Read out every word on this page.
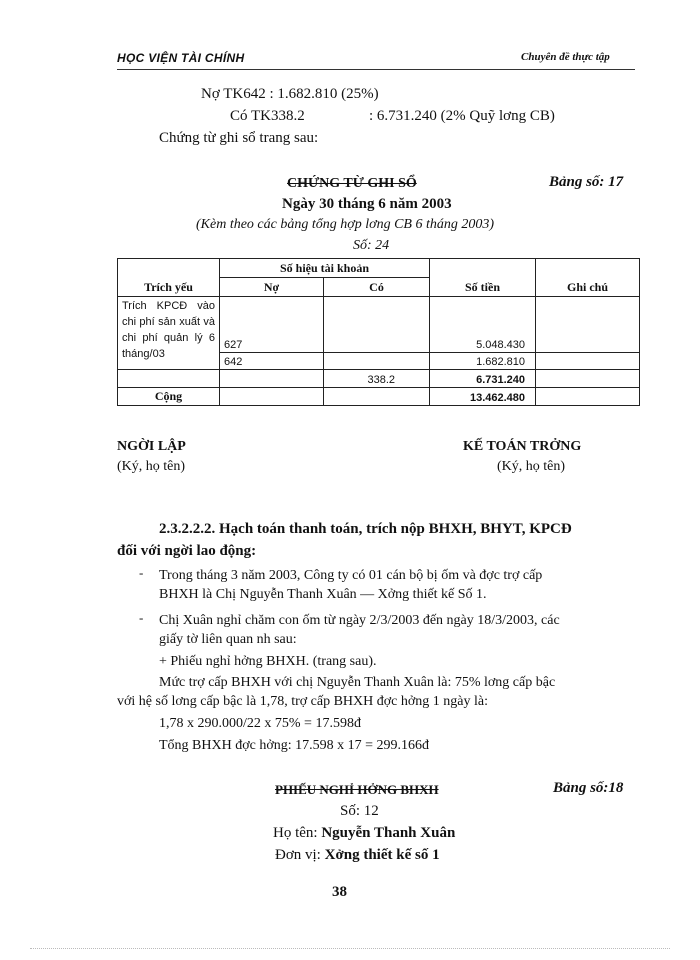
HỌC VIỆN TÀI CHÍNH	Chuyên đề thực tập
Nợ TK642 : 1.682.810 (25%)
Có TK338.2	: 6.731.240 (2% Quỹ lơng CB)
Chứng từ ghi sổ trang sau:
CHỨNG TỪ GHI SỔ	Bảng số: 17
Ngày 30 tháng 6 năm 2003
(Kèm theo các bảng tổng hợp lơng CB 6 tháng 2003)
Số: 24
Trích yếu	Số hiệu tài khoản		Số tiền	Ghi chú
	Nợ	Có		
Trích KPCĐ vào chi phí sản xuất và chi phí quản lý 6 tháng/03	627		5.048.430	
	642		1.682.810	
		338.2	6.731.240	
Cộng			13.462.480	
NGỜI LẬP
(Ký, họ tên)
KẾ TOÁN TRỞNG
(Ký, họ tên)
2.3.2.2.2. Hạch toán thanh toán, trích nộp BHXH, BHYT, KPCĐ
đối với ngời lao động:
- Trong tháng 3 năm 2003, Công ty có 01 cán bộ bị ốm và đợc trợ cấp
BHXH là Chị Nguyễn Thanh Xuân — Xởng thiết kế Số 1.
- Chị Xuân nghỉ chăm con ốm từ ngày 2/3/2003 đến ngày 18/3/2003, các
giấy tờ liên quan nh sau:
+ Phiếu nghỉ hởng BHXH. (trang sau).
Mức trợ cấp BHXH với chị Nguyễn Thanh Xuân là: 75% lơng cấp bậc
với hệ số lơng cấp bậc là 1,78, trợ cấp BHXH đợc hởng 1 ngày là:
1,78 x 290.000/22 x 75% = 17.598đ
Tổng BHXH đợc hởng: 17.598 x 17 = 299.166đ
PHIẾU NGHỈ HỞNG BHXH	Bảng số:18
Số: 12
Họ tên: Nguyễn Thanh Xuân
Đơn vị: Xởng thiết kế số 1
38
